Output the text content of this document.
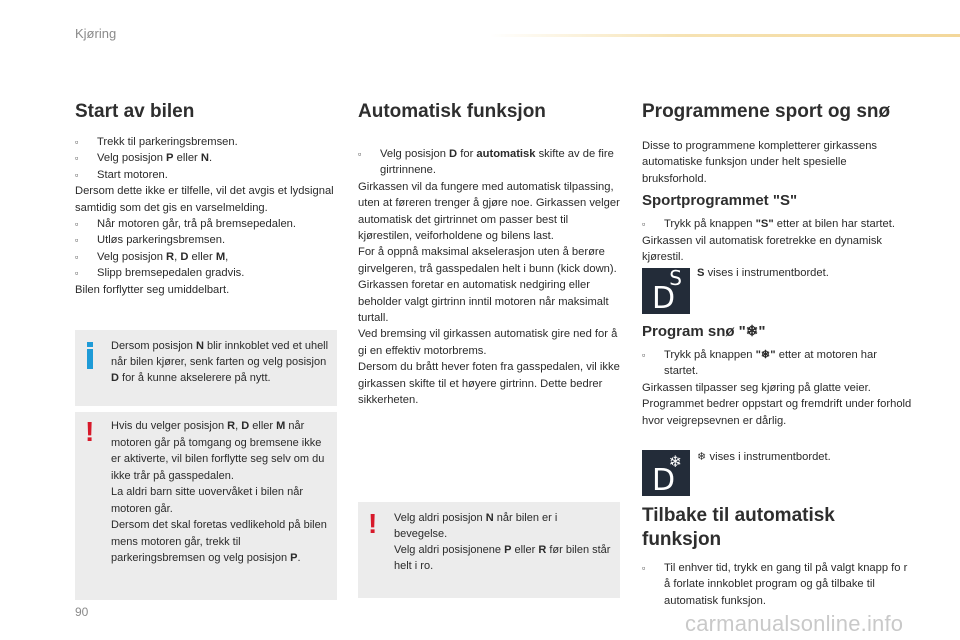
Kjøring
Start av bilen
▫	Trekk til parkeringsbremsen.
▫	Velg posisjon P eller N.
▫	Start motoren.

Dersom dette ikke er tilfelle, vil det avgis et lydsignal samtidig som det gis en varselmelding.

▫	Når motoren går, trå på bremsepedalen.
▫	Utløs parkeringsbremsen.
▫	Velg posisjon R, D eller M,
▫	Slipp bremsepedalen gradvis.

Bilen forflytter seg umiddelbart.

Dersom posisjon N blir innkoblet ved et uhell når bilen kjører, senk farten og velg posisjon D for å kunne akselerere på nytt.
! Hvis du velger posisjon R, D eller M når motoren går på tomgang og bremsene ikke er aktiverte, vil bilen forflytte seg selv om du ikke trår på gasspedalen.
La aldri barn sitte uovervåket i bilen når motoren går.
Dersom det skal foretas vedlikehold på bilen mens motoren går, trekk til parkeringsbremsen og velg posisjon P.
Automatisk funksjon
▫	Velg posisjon D for automatisk skifte av de fire girtrinnene.

Girkassen vil da fungere med automatisk tilpassing, uten at føreren trenger å gjøre noe. Girkassen velger automatisk det girtrinnet om passer best til kjørestilen, veiforholdene og bilens last.

For å oppnå maksimal akselerasjon uten å berøre girvelgeren, trå gasspedalen helt i bunn (kick down). Girkassen foretar en automatisk nedgiring eller beholder valgt girtrinn inntil motoren når maksimalt turtall.

Ved bremsing vil girkassen automatisk gire ned for å gi en effektiv motorbrems.

Dersom du brått hever foten fra gasspedalen, vil ikke girkassen skifte til et høyere girtrinn. Dette bedrer sikkerheten.

! Velg aldri posisjon N når bilen er i bevegelse.
Velg aldri posisjonene P eller R før bilen står helt i ro.
Programmene sport og snø

Disse to programmene kompletterer girkassens automatiske funksjon under helt spesielle bruksforhold.

Sportprogrammet "S"
▫	Trykk på knappen "S" etter at bilen har startet.

Girkassen vil automatisk foretrekke en dynamisk kjørestil.

S
D
S vises i instrumentbordet.
Program snø "❄"
▫	Trykk på knappen "❄" etter at motoren har startet.

Girkassen tilpasser seg kjøring på glatte veier.

Programmet bedrer oppstart og fremdrift under forhold hvor veigrepsevnen er dårlig.

❄
D
❄ vises i instrumentbordet.
Tilbake til automatisk funksjon
▫	Til enhver tid, trykk en gang til på valgt knapp fo r å forlate innkoblet program og gå tilbake til automatisk funksjon.
90	carmanualsonline.info
